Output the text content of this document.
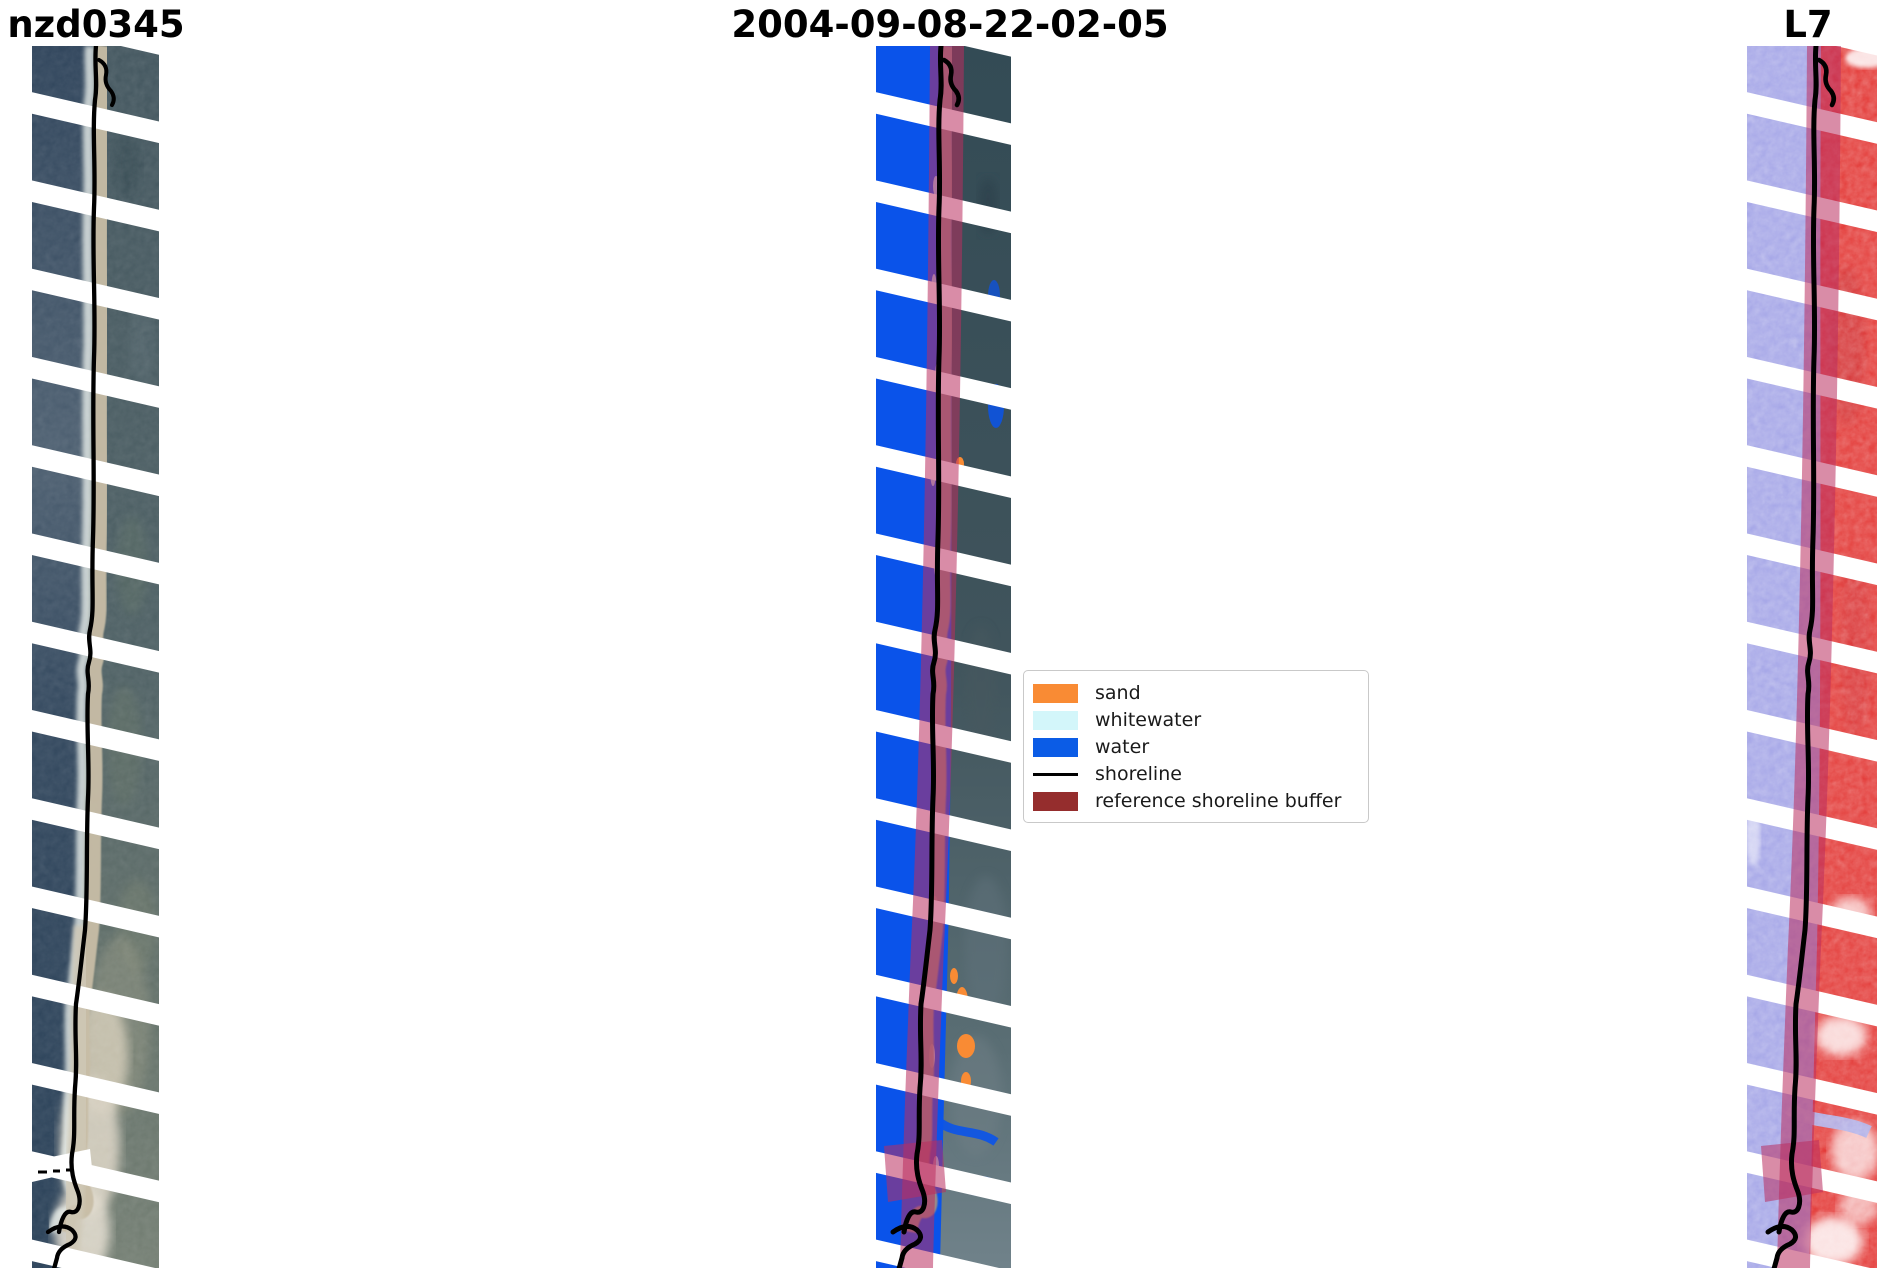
nzd0345	2004-09-08-22-02-05	L7
sand
whitewater
water
shoreline
reference shoreline buffer
